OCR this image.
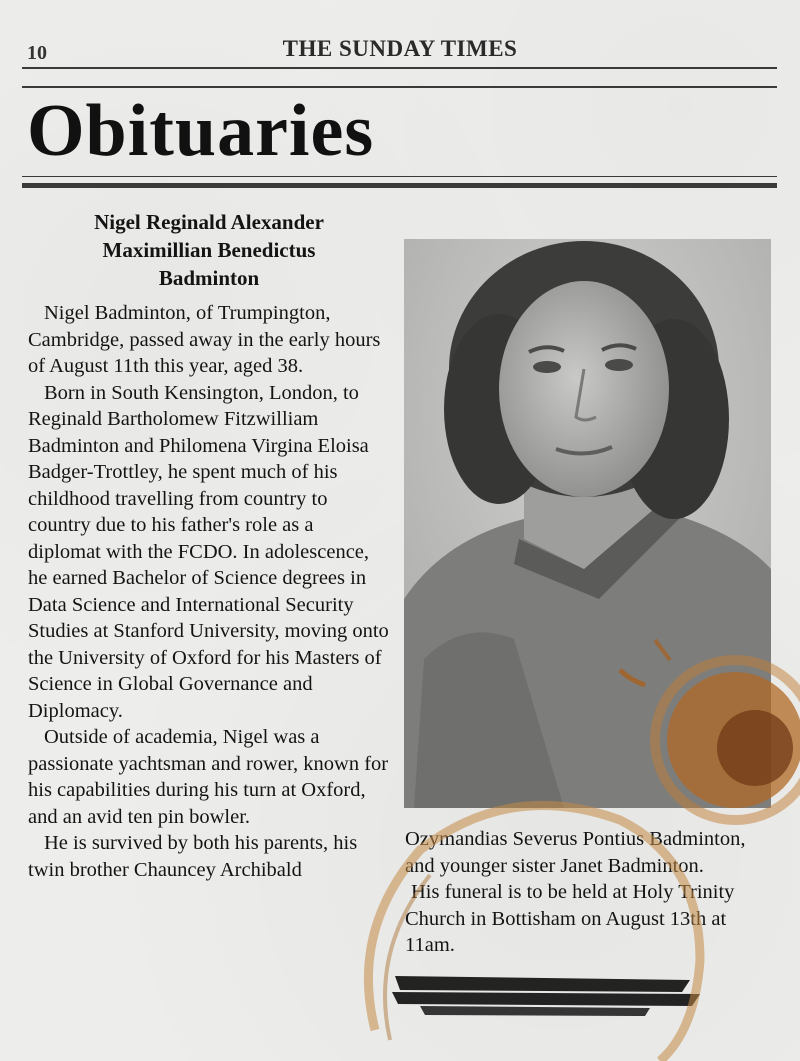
10	THE SUNDAY TIMES
Obituaries
Nigel Reginald Alexander
Maximillian Benedictus
Badminton

Nigel Badminton, of Trumpington, Cambridge, passed away in the early hours of August 11th this year, aged 38.

Born in South Kensington, London, to Reginald Bartholomew Fitzwilliam Badminton and Philomena Virgina Eloisa Badger-Trottley, he spent much of his childhood travelling from country to country due to his father's role as a diplomat with the FCDO. In adolescence, he earned Bachelor of Science degrees in Data Science and International Security Studies at Stanford University, moving onto the University of Oxford for his Masters of Science in Global Governance and Diplomacy.

Outside of academia, Nigel was a passionate yachtsman and rower, known for his capabilities during his turn at Oxford, and an avid ten pin bowler.

He is survived by both his parents, his twin brother Chauncey Archibald

Ozymandias Severus Pontius Badminton, and younger sister Janet Badminton.

His funeral is to be held at Holy Trinity Church in Bottisham on August 13th at 11am.
